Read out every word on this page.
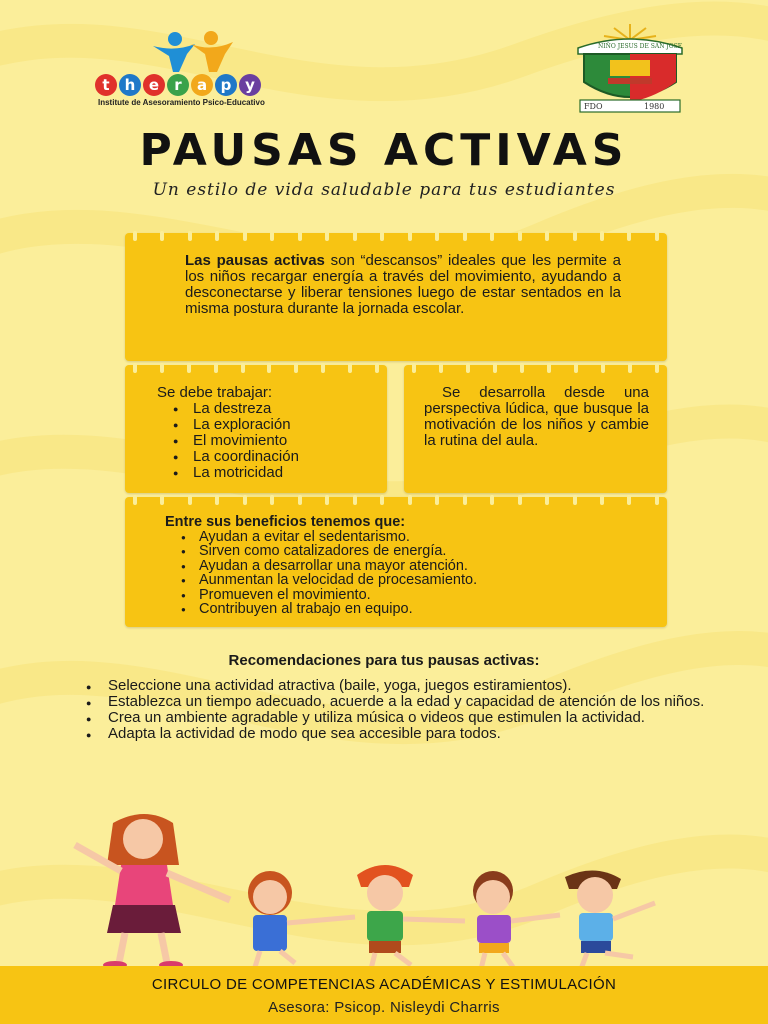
t	h e	r	a p y
Institute de Asesoramiento Psico-Educativo	FDO	1980
NIÑO JESUS DE SAN JOSE
PAUSAS ACTIVAS
Un estilo de vida saludable para tus estudiantes
Las pausas activas son “descansos” ideales que les permite a los niños recargar energía a través del movimiento, ayudando a desconectarse y liberar tensiones luego de estar sentados en la misma postura durante la jornada escolar.
Se debe trabajar:
● La destreza
● La exploración
● El movimiento
● La coordinación
● La motricidad
Se desarrolla desde una perspectiva lúdica, que busque la motivación de los niños y cambie la rutina del aula.
Entre sus beneficios tenemos que:
● Ayudan a evitar el sedentarismo.
● Sirven como catalizadores de energía.
● Ayudan a desarrollar una mayor atención.
● Aunmentan la velocidad de procesamiento.
● Promueven el movimiento.
● Contribuyen al trabajo en equipo.
Recomendaciones para tus pausas activas:
● Seleccione una actividad atractiva (baile, yoga, juegos estiramientos).
● Establezca un tiempo adecuado, acuerde a la edad y capacidad de atención de los niños.
● Crea un ambiente agradable y utiliza música o videos que estimulen la actividad.
● Adapta la actividad de modo que sea accesible para todos.
CIRCULO DE COMPETENCIAS ACADÉMICAS Y ESTIMULACIÓN
Asesora: Psicop. Nisleydi Charris
